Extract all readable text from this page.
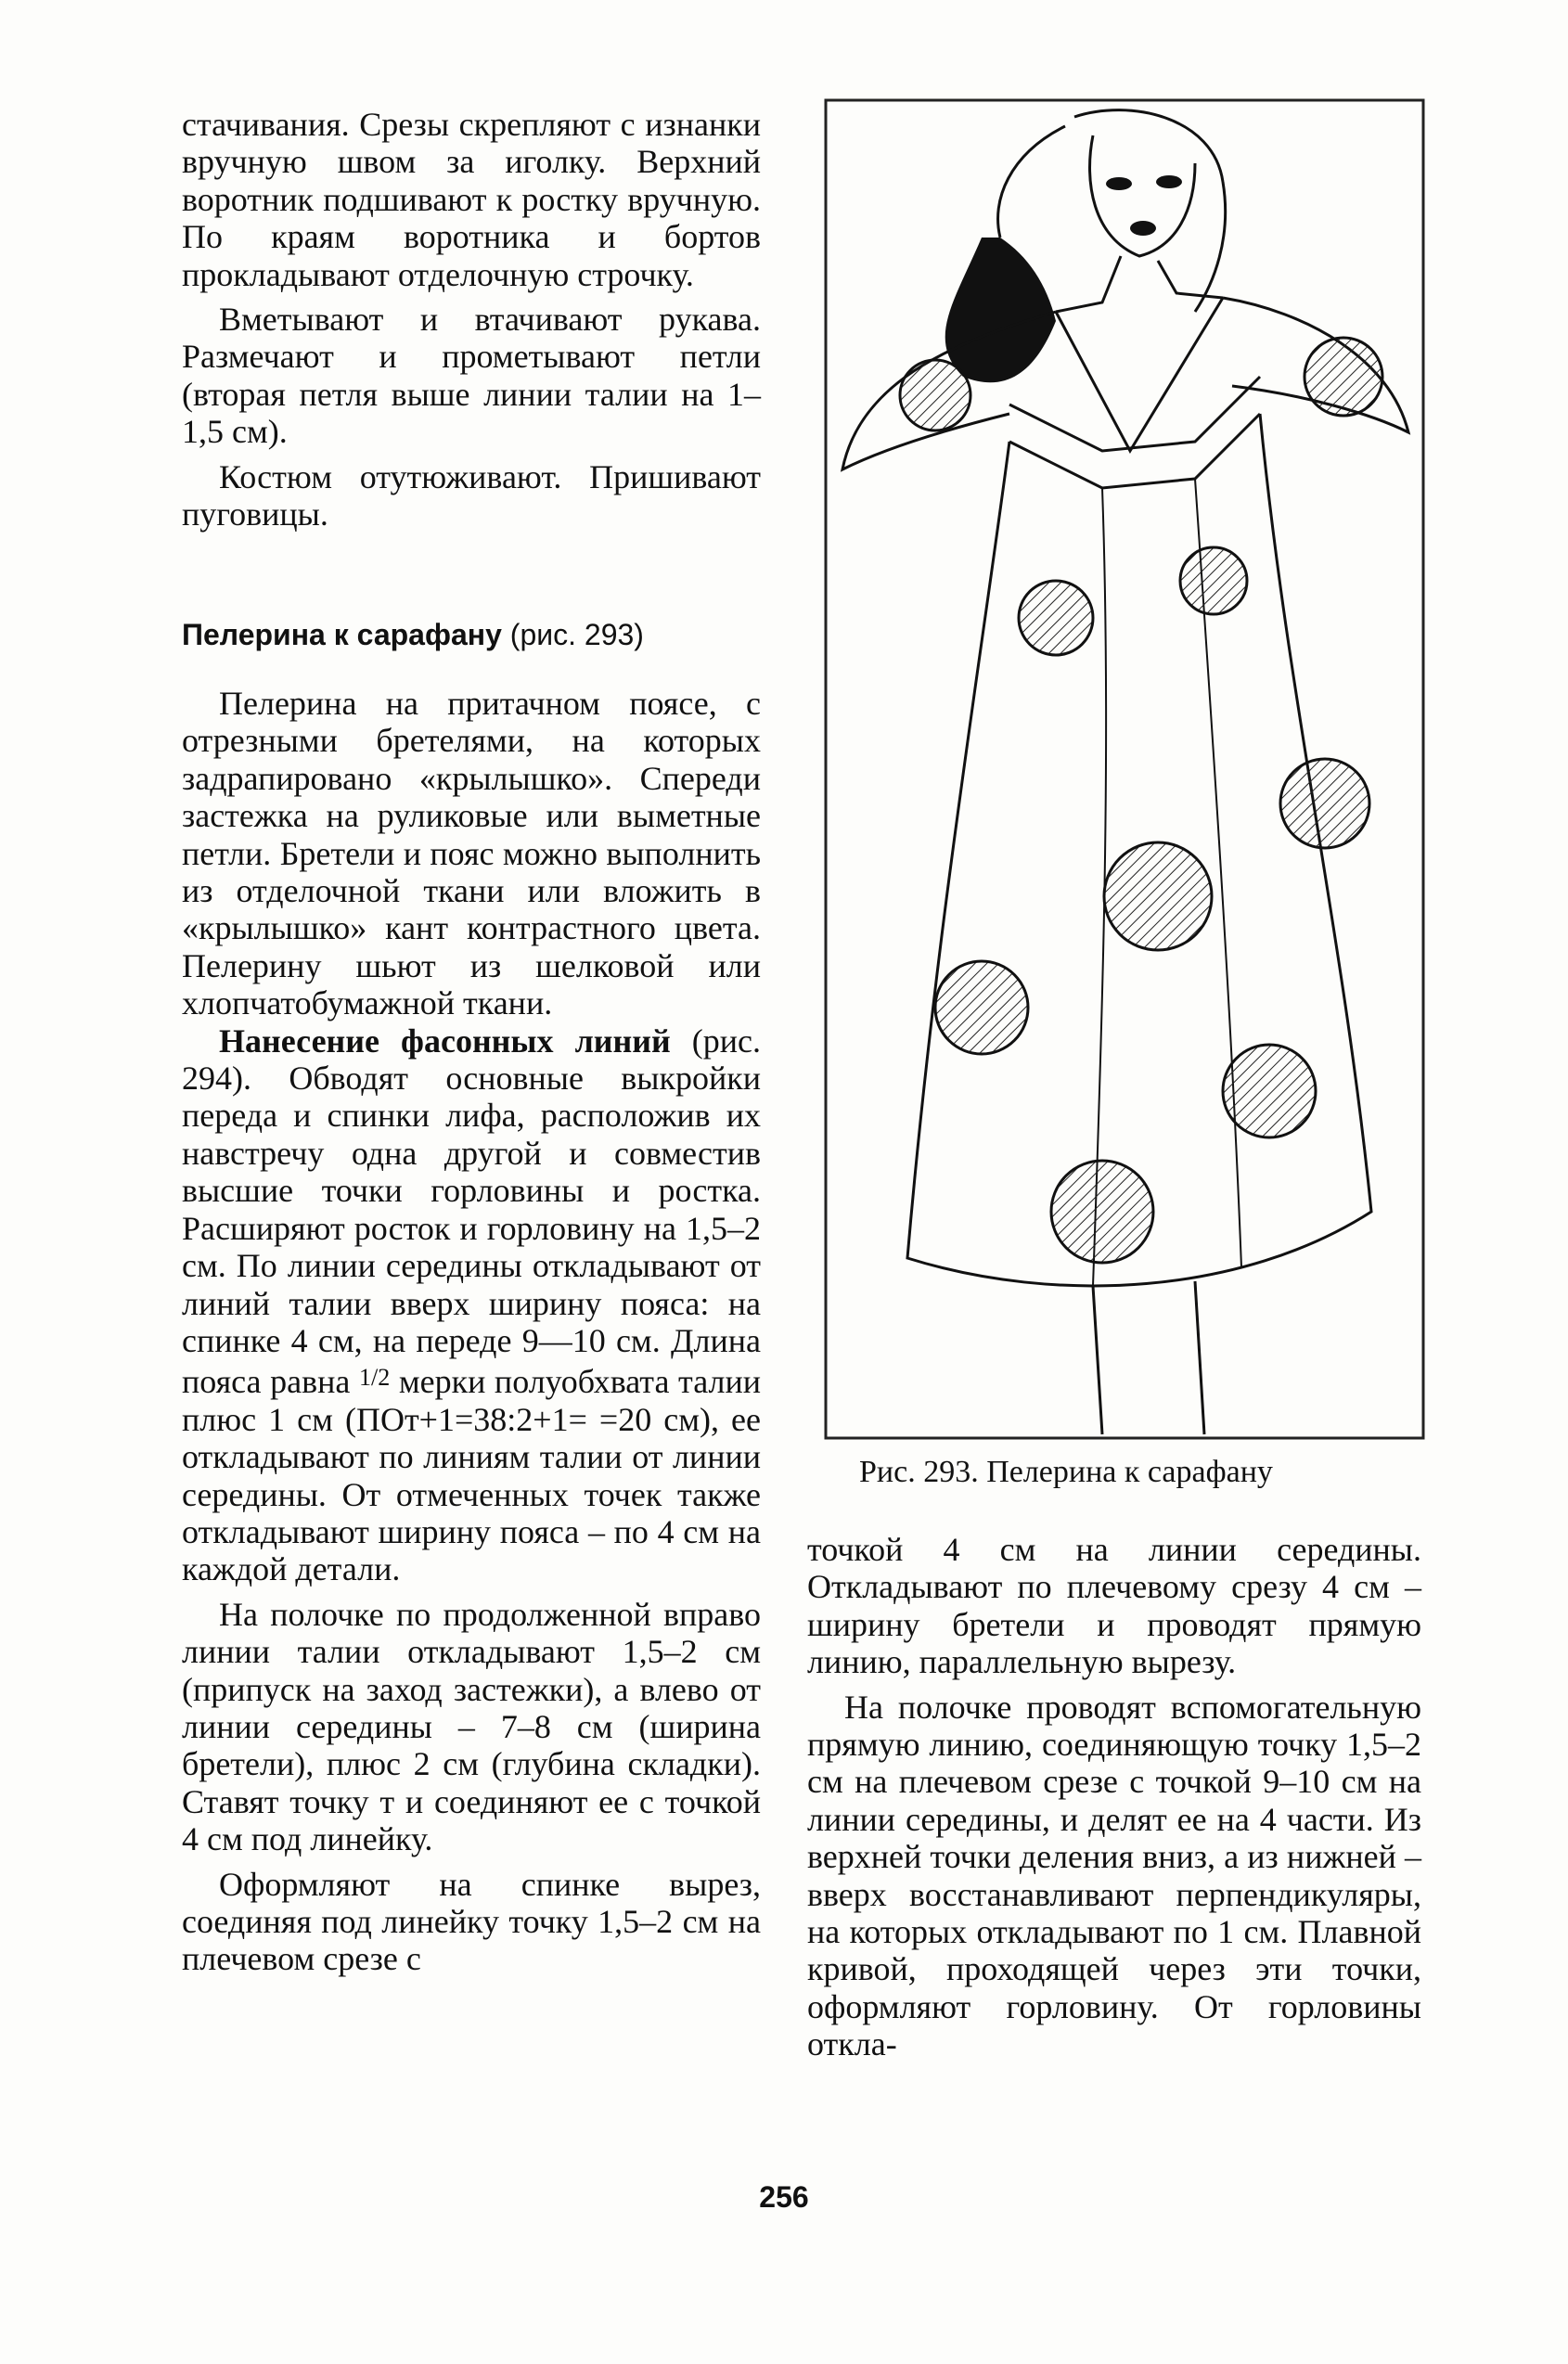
стачивания. Срезы скрепляют с изнанки вручную швом за иголку. Верхний воротник подшивают к ростку вручную. По краям воротника и бортов прокладывают отделочную строчку.

Вметывают и втачивают рукава. Размечают и прометывают петли (вторая петля выше линии талии на 1–1,5 см).

Костюм отутюживают. Пришивают пуговицы.

Пелерина к сарафану (рис. 293)

Пелерина на притачном поясе, с отрезными бретелями, на которых задрапировано «крылышко». Спереди застежка на руликовые или выметные петли. Бретели и пояс можно выполнить из отделочной ткани или вложить в «крылышко» кант контрастного цвета. Пелерину шьют из шелковой или хлопчатобумажной ткани.

Нанесение фасонных линий (рис. 294). Обводят основные выкройки переда и спинки лифа, расположив их навстречу одна другой и совместив высшие точки горловины и ростка. Расширяют росток и горловину на 1,5–2 см. По линии середины откладывают от линий талии вверх ширину пояса: на спинке 4 см, на переде 9—10 см. Длина пояса равна $^{1/2}$ мерки полуобхвата талии плюс 1 см (ПОт+1=38:2+1= =20 см), ее откладывают по линиям талии от линии середины. От отмеченных точек также откладывают ширину пояса – по 4 см на каждой детали.

На полочке по продолженной вправо линии талии откладывают 1,5–2 см (припуск на заход застежки), а влево от линии середины – 7–8 см (ширина бретели), плюс 2 см (глубина складки). Ставят точку т и соединяют ее с точкой 4 см под линейку.

Оформляют на спинке вырез, соединяя под линейку точку 1,5–2 см на плечевом срезе с

Рис. 293. Пелерина к сарафану

точкой 4 см на линии середины. Откладывают по плечевому срезу 4 см – ширину бретели и проводят прямую линию, параллельную вырезу.

На полочке проводят вспомогательную прямую линию, соединяющую точку 1,5–2 см на плечевом срезе с точкой 9–10 см на линии середины, и делят ее на 4 части. Из верхней точки деления вниз, а из нижней – вверх восстанавливают перпендикуляры, на которых откладывают по 1 см. Плавной кривой, проходящей через эти точки, оформляют горловину. От горловины откла-

256
